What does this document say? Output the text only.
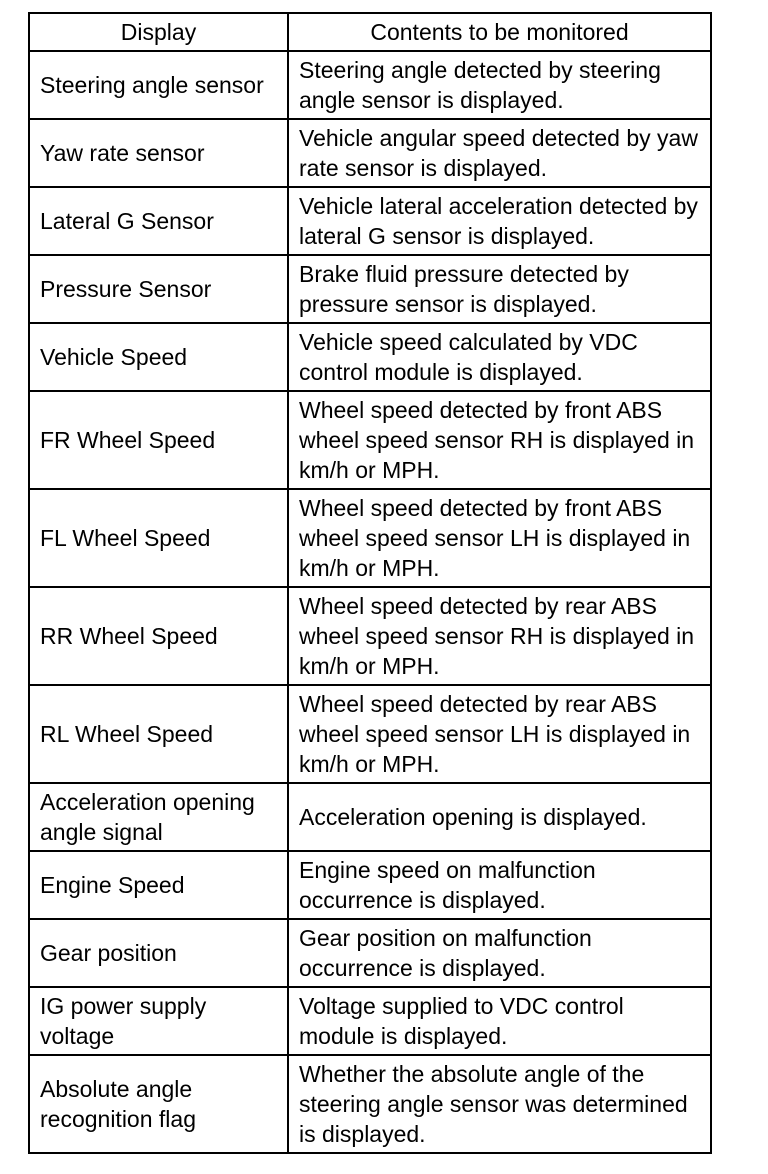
Display	Contents to be monitored
Steering angle sensor	Steering angle detected by steering angle sensor is displayed.
Yaw rate sensor	Vehicle angular speed detected by yaw rate sensor is displayed.
Lateral G Sensor	Vehicle lateral acceleration detected by lateral G sensor is displayed.
Pressure Sensor	Brake fluid pressure detected by pressure sensor is displayed.
Vehicle Speed	Vehicle speed calculated by VDC control module is displayed.
FR Wheel Speed	Wheel speed detected by front ABS wheel speed sensor RH is displayed in km/h or MPH.
FL Wheel Speed	Wheel speed detected by front ABS wheel speed sensor LH is displayed in km/h or MPH.
RR Wheel Speed	Wheel speed detected by rear ABS wheel speed sensor RH is displayed in km/h or MPH.
RL Wheel Speed	Wheel speed detected by rear ABS wheel speed sensor LH is displayed in km/h or MPH.
Acceleration opening angle signal	Acceleration opening is displayed.
Engine Speed	Engine speed on malfunction occurrence is displayed.
Gear position	Gear position on malfunction occurrence is displayed.
IG power supply voltage	Voltage supplied to VDC control module is displayed.
Absolute angle recognition flag	Whether the absolute angle of the steering angle sensor was determined is displayed.
